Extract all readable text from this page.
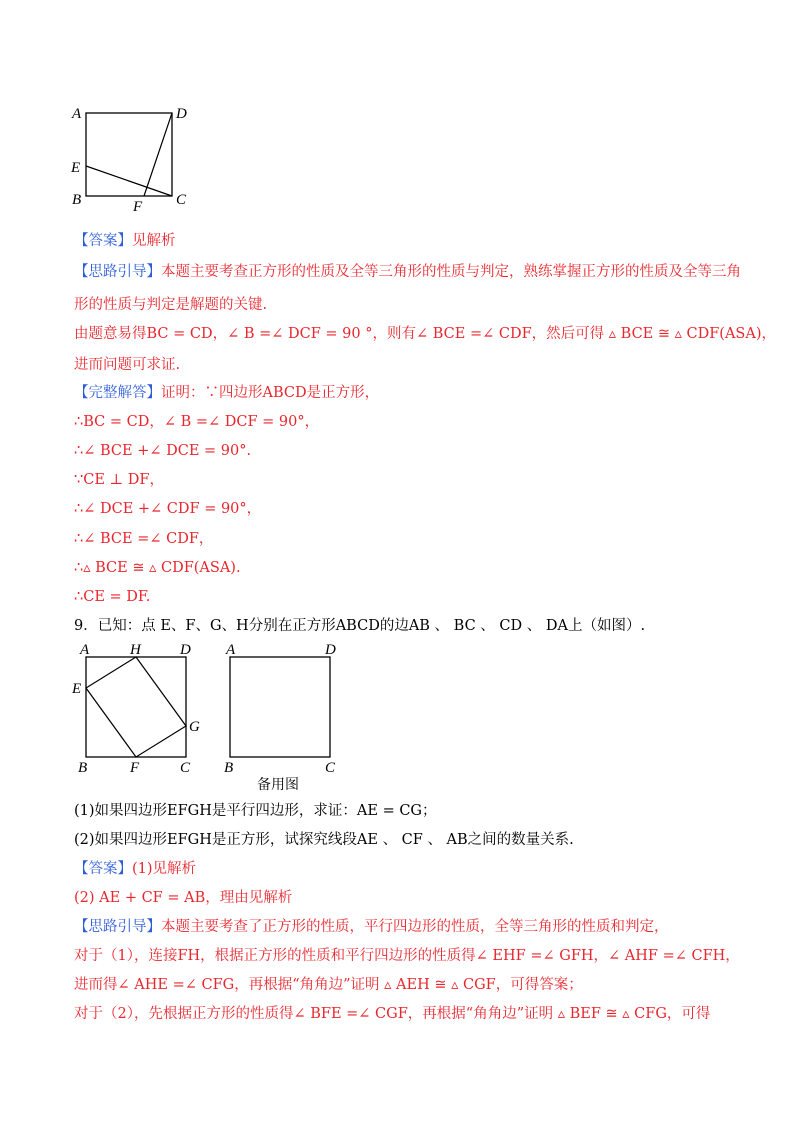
A	D
E
B	C
F
【答案】见解析
【思路引导】本题主要考查正方形的性质及全等三角形的性质与判定，熟练掌握正方形的性质及全等三角
形的性质与判定是解题的关键.
由题意易得BC = CD，∠ B =∠ DCF = 90 °，则有∠ BCE =∠ CDF，然后可得 ▵ BCE ≅ ▵ CDF(ASA)，
进而问题可求证.
【完整解答】证明：∵四边形ABCD是正方形，
∴BC = CD，∠ B =∠ DCF = 90°，
∴∠ BCE +∠ DCE = 90°.
∵CE ⊥ DF，
∴∠ DCE +∠ CDF = 90°，
∴∠ BCE =∠ CDF，
∴▵ BCE ≅ ▵ CDF(ASA).
∴CE = DF.
9．已知：点 E、F、G、H分别在正方形ABCD的边AB 、 BC 、 CD 、 DA上（如图）.
A	H	D
E
G
B	F	C
A	D
B	C
备用图
(1)如果四边形EFGH是平行四边形，求证：AE = CG；
(2)如果四边形EFGH是正方形，试探究线段AE 、 CF 、 AB之间的数量关系.
【答案】(1)见解析
(2) AE + CF = AB，理由见解析
【思路引导】本题主要考查了正方形的性质，平行四边形的性质，全等三角形的性质和判定，
对于（1），连接FH，根据正方形的性质和平行四边形的性质得∠ EHF =∠ GFH，∠ AHF =∠ CFH，
进而得∠ AHE =∠ CFG，再根据“角角边”证明 ▵ AEH ≅ ▵ CGF，可得答案；
对于（2），先根据正方形的性质得∠ BFE =∠ CGF，再根据“角角边”证明 ▵ BEF ≅ ▵ CFG，可得
